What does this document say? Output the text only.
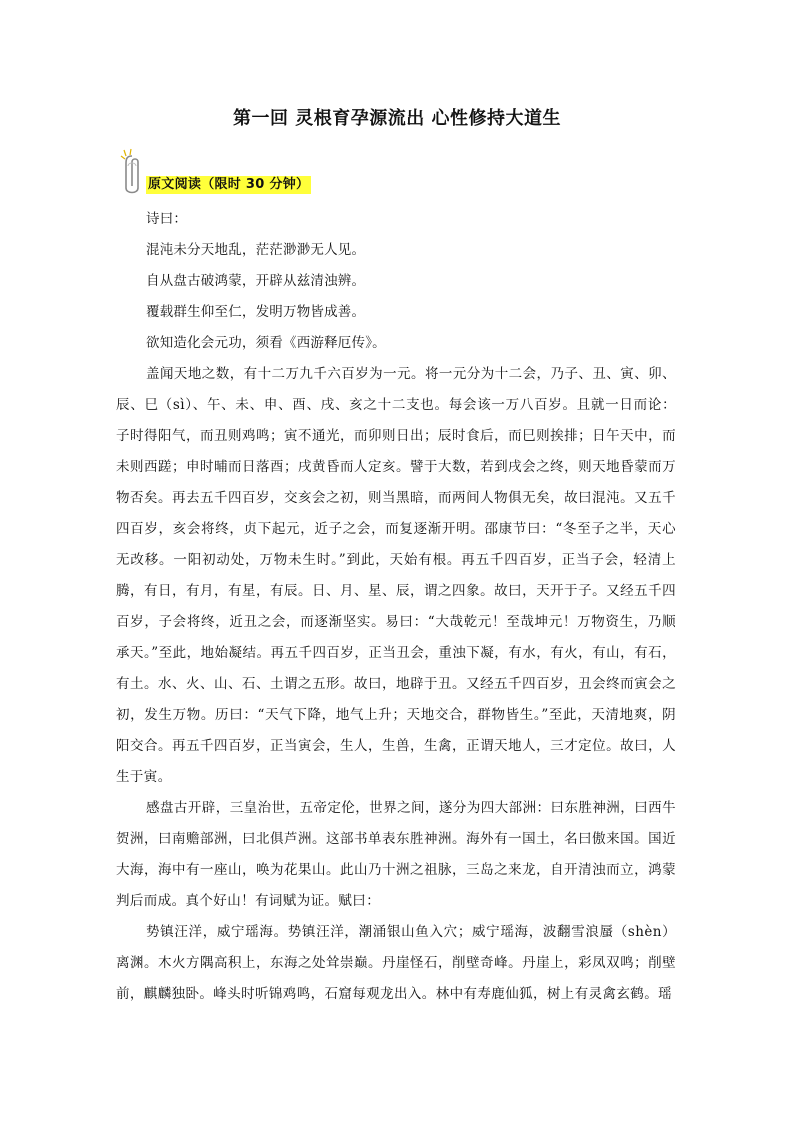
第一回 灵根育孕源流出 心性修持大道生
原文阅读（限时 30 分钟）

诗曰：

混沌未分天地乱，茫茫渺渺无人见。

自从盘古破鸿蒙，开辟从兹清浊辨。

覆载群生仰至仁，发明万物皆成善。

欲知造化会元功，须看《西游释厄传》。

盖闻天地之数，有十二万九千六百岁为一元。将一元分为十二会，乃子、丑、寅、卯、辰、巳（sì）、午、未、申、酉、戌、亥之十二支也。每会该一万八百岁。且就一日而论：子时得阳气，而丑则鸡鸣；寅不通光，而卯则日出；辰时食后，而巳则挨排；日午天中，而未则西蹉；申时晡而日落酉；戌黄昏而人定亥。譬于大数，若到戌会之终，则天地昏蒙而万物否矣。再去五千四百岁，交亥会之初，则当黑暗，而两间人物俱无矣，故曰混沌。又五千四百岁，亥会将终，贞下起元，近子之会，而复逐渐开明。邵康节曰：“冬至子之半，天心无改移。一阳初动处，万物未生时。”到此，天始有根。再五千四百岁，正当子会，轻清上腾，有日，有月，有星，有辰。日、月、星、辰，谓之四象。故曰，天开于子。又经五千四百岁，子会将终，近丑之会，而逐渐坚实。易曰：“大哉乾元！至哉坤元！万物资生，乃顺承天。”至此，地始凝结。再五千四百岁，正当丑会，重浊下凝，有水，有火，有山，有石，有土。水、火、山、石、土谓之五形。故曰，地辟于丑。又经五千四百岁，丑会终而寅会之初，发生万物。历曰：“天气下降，地气上升；天地交合，群物皆生。”至此，天清地爽，阴阳交合。再五千四百岁，正当寅会，生人，生兽，生禽，正谓天地人，三才定位。故曰，人生于寅。

感盘古开辟，三皇治世，五帝定伦，世界之间，遂分为四大部洲：曰东胜神洲，曰西牛贺洲，曰南赡部洲，曰北俱芦洲。这部书单表东胜神洲。海外有一国土，名曰傲来国。国近大海，海中有一座山，唤为花果山。此山乃十洲之祖脉，三岛之来龙，自开清浊而立，鸿蒙判后而成。真个好山！有词赋为证。赋曰：

势镇汪洋，威宁瑶海。势镇汪洋，潮涌银山鱼入穴；威宁瑶海，波翻雪浪蜃（shèn）离渊。木火方隅高积上，东海之处耸崇巅。丹崖怪石，削壁奇峰。丹崖上，彩凤双鸣；削壁前，麒麟独卧。峰头时听锦鸡鸣，石窟每观龙出入。林中有寿鹿仙狐，树上有灵禽玄鹤。瑶
